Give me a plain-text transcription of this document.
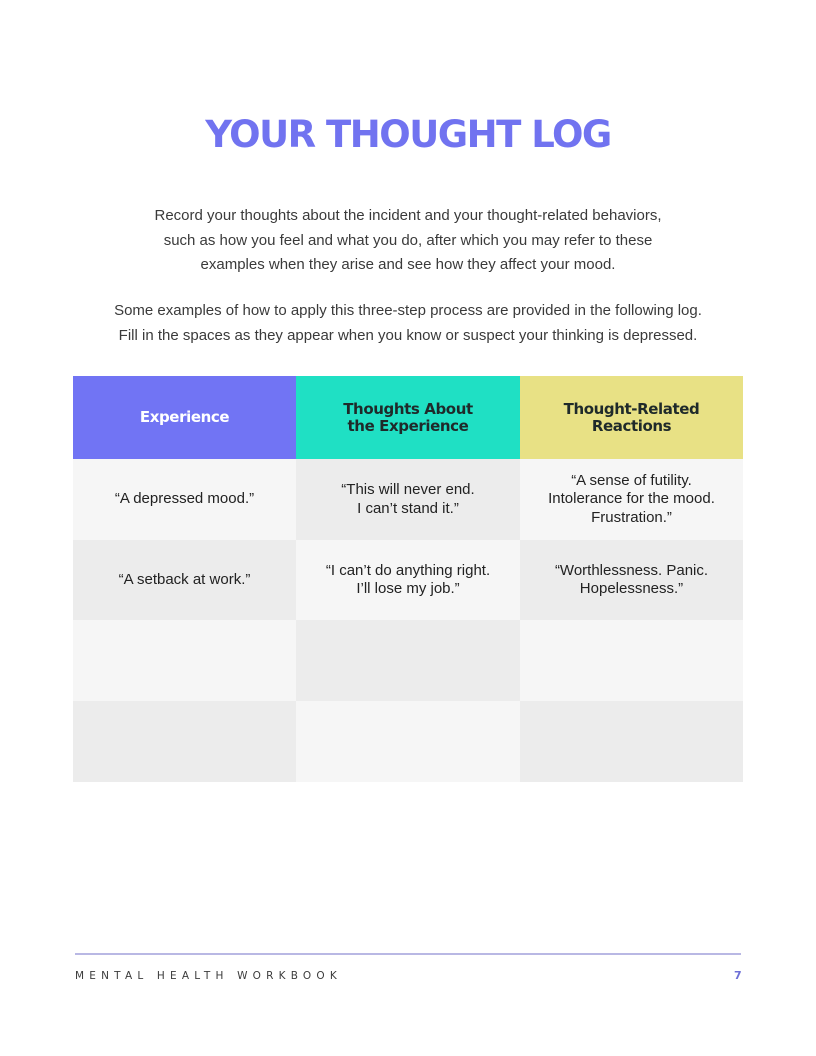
YOUR THOUGHT LOG
Record your thoughts about the incident and your thought-related behaviors,
such as how you feel and what you do, after which you may refer to these
examples when they arise and see how they affect your mood.
Some examples of how to apply this three-step process are provided in the following log.
Fill in the spaces as they appear when you know or suspect your thinking is depressed.
Experience	Thoughts About
the Experience
Thought-Related
Reactions
“A depressed mood.”
“This will never end.
I can’t stand it.”
“A sense of futility.
Intolerance for the mood.
Frustration.”
“A setback at work.”
“I can’t do anything right.
I’ll lose my job.”
“Worthlessness. Panic.
Hopelessness.”
MENTAL HEALTH WORKBOOK	7
